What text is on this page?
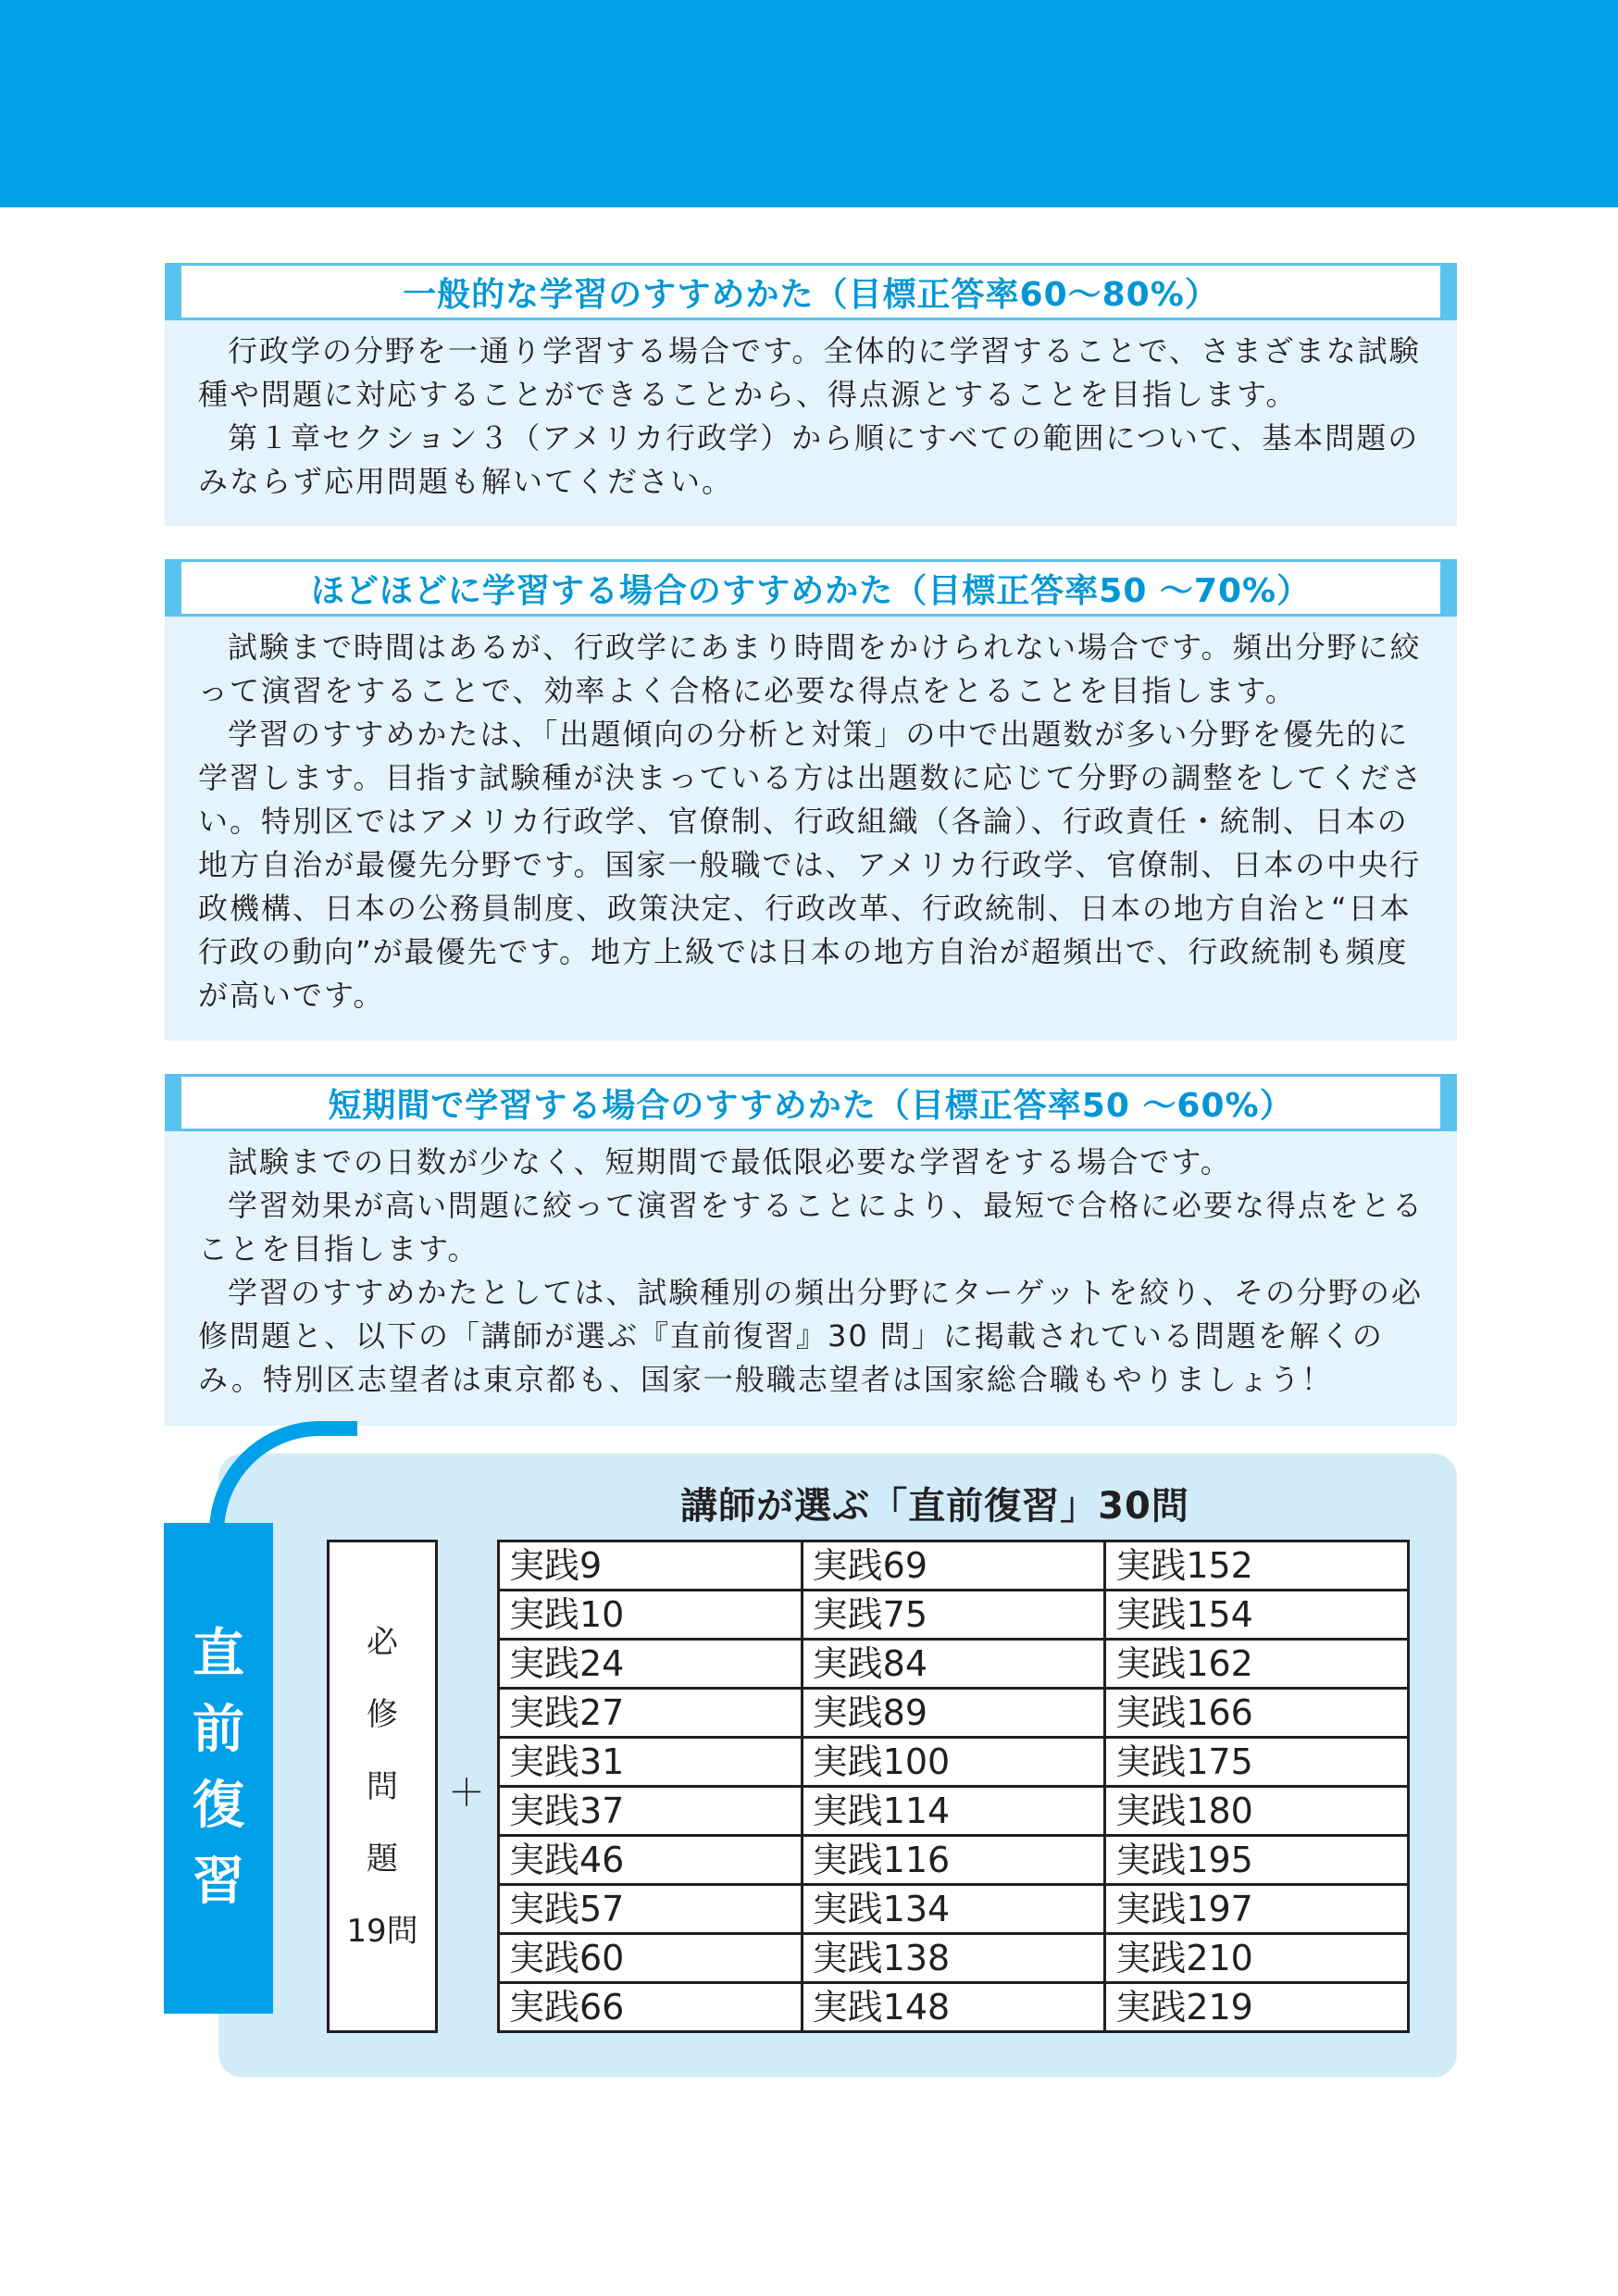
一般的な学習のすすめかた（目標正答率60～80%）

行政学の分野を一通り学習する場合です。全体的に学習することで、さまざまな試験種や問題に対応することができることから、得点源とすることを目指します。

第１章セクション３（アメリカ行政学）から順にすべての範囲について、基本問題のみならず応用問題も解いてください。

ほどほどに学習する場合のすすめかた（目標正答率50 ～70%）

試験まで時間はあるが、行政学にあまり時間をかけられない場合です。頻出分野に絞って演習をすることで、効率よく合格に必要な得点をとることを目指します。

学習のすすめかたは、「出題傾向の分析と対策」の中で出題数が多い分野を優先的に学習します。目指す試験種が決まっている方は出題数に応じて分野の調整をしてください。特別区ではアメリカ行政学、官僚制、行政組織（各論）、行政責任・統制、日本の地方自治が最優先分野です。国家一般職では、アメリカ行政学、官僚制、日本の中央行政機構、日本の公務員制度、政策決定、行政改革、行政統制、日本の地方自治と“日本行政の動向”が最優先です。地方上級では日本の地方自治が超頻出で、行政統制も頻度が高いです。

短期間で学習する場合のすすめかた（目標正答率50 ～60%）

試験までの日数が少なく、短期間で最低限必要な学習をする場合です。

学習効果が高い問題に絞って演習をすることにより、最短で合格に必要な得点をとることを目指します。

学習のすすめかたとしては、試験種別の頻出分野にターゲットを絞り、その分野の必修問題と、以下の「講師が選ぶ『直前復習』30 問」に掲載されている問題を解くのみ。特別区志望者は東京都も、国家一般職志望者は国家総合職もやりましょう！

直
前
復
習
講師が選ぶ「直前復習」30問
必
修
問
題
19問
＋
実践9	実践69	実践152
実践10	実践75	実践154
実践24	実践84	実践162
実践27	実践89	実践166
実践31	実践100	実践175
実践37	実践114	実践180
実践46	実践116	実践195
実践57	実践134	実践197
実践60	実践138	実践210
実践66	実践148	実践219
